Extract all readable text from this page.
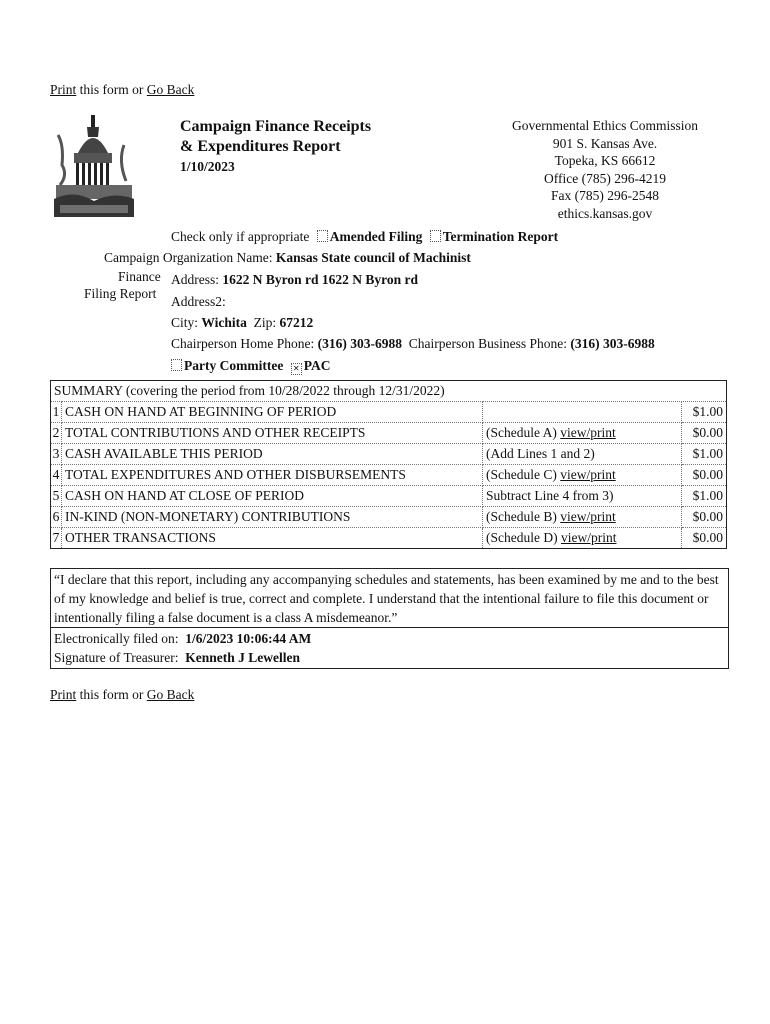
Print this form or Go Back
Campaign Finance Receipts
& Expenditures Report
1/10/2023
Governmental Ethics Commission
901 S. Kansas Ave.
Topeka, KS 66612
Office (785) 296-4219
Fax (785) 296-2548
ethics.kansas.gov
Check only if appropriate Amended Filing Termination Report
Campaign Organization Name: Kansas State council of Machinist
Finance
Filing Report
Address: 1622 N Byron rd 1622 N Byron rd
Address2:
City: Wichita  Zip: 67212
Chairperson Home Phone: (316) 303-6988  Chairperson Business Phone: (316) 303-6988
Party Committee ✕ PAC
SUMMARY (covering the period from 10/28/2022 through 12/31/2022)			
1	CASH ON HAND AT BEGINNING OF PERIOD		$1.00
2	TOTAL CONTRIBUTIONS AND OTHER RECEIPTS	(Schedule A) view/print	$0.00
3	CASH AVAILABLE THIS PERIOD	(Add Lines 1 and 2)	$1.00
4	TOTAL EXPENDITURES AND OTHER DISBURSEMENTS	(Schedule C) view/print	$0.00
5	CASH ON HAND AT CLOSE OF PERIOD	Subtract Line 4 from 3)	$1.00
6	IN-KIND (NON-MONETARY) CONTRIBUTIONS	(Schedule B) view/print	$0.00
7	OTHER TRANSACTIONS	(Schedule D) view/print	$0.00
“I declare that this report, including any accompanying schedules and statements, has been examined by me and to the best of my knowledge and belief is true, correct and complete. I understand that the intentional failure to file this document or intentionally filing a false document is a class A misdemeanor.”
Electronically filed on:  1/6/2023 10:06:44 AM
Signature of Treasurer:  Kenneth J Lewellen
Print this form or Go Back
